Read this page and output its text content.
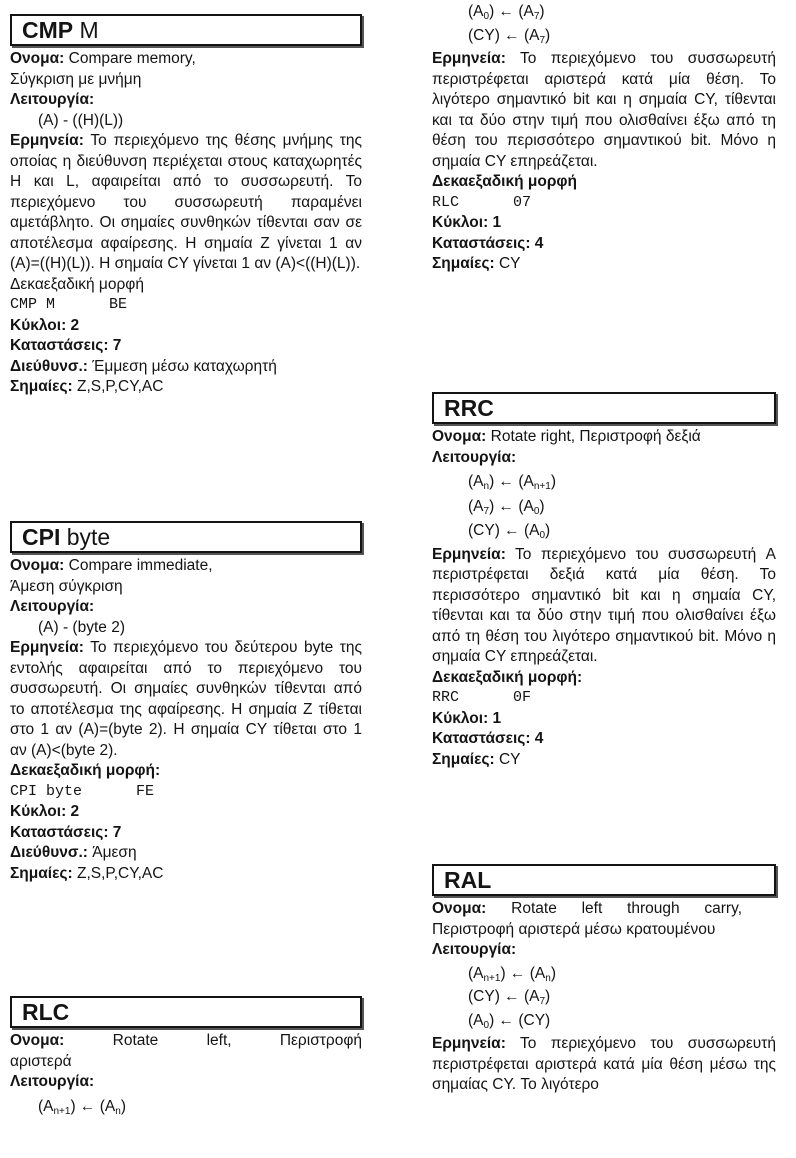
CMP M
Ονομα: Compare memory,
Σύγκριση με μνήμη
Λειτουργία:
(A) - ((H)(L))
Ερμηνεία: Το περιεχόμενο της θέσης μνήμης της οποίας η διεύθυνση περιέχεται στους καταχωρητές H και L, αφαιρείται από το συσσωρευτή. Το περιεχόμενο του συσσωρευτή παραμένει αμετάβλητο. Οι σημαίες συνθηκών τίθενται σαν σε αποτέλεσμα αφαίρεσης. Η σημαία Z γίνεται 1 αν (A)=((H)(L)). Η σημαία CY γίνεται 1 αν (A)<((H)(L)).
Δεκαεξαδική μορφή
CMP M	BE
Κύκλοι: 2
Καταστάσεις: 7
Διεύθυνσ.: Έμμεση μέσω καταχωρητή
Σημαίες: Z,S,P,CY,AC
CPI byte
Ονομα: Compare immediate,
Άμεση σύγκριση
Λειτουργία:
(A) - (byte 2)
Ερμηνεία: Το περιεχόμενο του δεύτερου byte της εντολής αφαιρείται από το περιεχόμενο του συσσωρευτή. Οι σημαίες συνθηκών τίθενται από το αποτέλεσμα της αφαίρεσης. Η σημαία Z τίθεται στο 1 αν (A)=(byte 2). Η σημαία CY τίθεται στο 1 αν (A)<(byte 2).
Δεκαεξαδική μορφή:
CPI byte	FE
Κύκλοι: 2
Καταστάσεις: 7
Διεύθυνσ.: Άμεση
Σημαίες: Z,S,P,CY,AC
RLC
Ονομα:	Rotate left, Περιστροφή
αριστερά
Λειτουργία:
$(A_{n+1})$ ← $(A_n)$
$(A_0)$ ← $(A_7)$
(CY) ← $(A_7)$
Ερμηνεία: Το περιεχόμενο του συσσωρευτή περιστρέφεται αριστερά κατά μία θέση. Το λιγότερο σημαντικό bit και η σημαία CY, τίθενται και τα δύο στην τιμή που ολισθαίνει έξω από τη θέση του περισσότερο σημαντικού bit. Μόνο η σημαία CY επηρεάζεται.
Δεκαεξαδική μορφή
RLC	07
Κύκλοι: 1
Καταστάσεις: 4
Σημαίες: CY
RRC
Ονομα: Rotate right, Περιστροφή δεξιά
Λειτουργία:
$(A_n)$ ← $(A_{n+1})$
$(A_7)$ ← $(A_0)$
(CY) ← $(A_0)$
Ερμηνεία: Το περιεχόμενο του συσσωρευτή A περιστρέφεται δεξιά κατά μία θέση. Το περισσότερο σημαντικό bit και η σημαία CY, τίθενται και τα δύο στην τιμή που ολισθαίνει έξω από τη θέση του λιγότερο σημαντικού bit. Μόνο η σημαία CY επηρεάζεται.
Δεκαεξαδική μορφή:
RRC	0F
Κύκλοι: 1
Καταστάσεις: 4
Σημαίες: CY
RAL
Ονομα: Rotate left through carry, Περιστροφή αριστερά μέσω κρατουμένου
Λειτουργία:
$(A_{n+1})$ ← $(A_n)$
(CY) ← $(A_7)$
$(A_0)$ ← (CY)
Ερμηνεία: Το περιεχόμενο του συσσωρευτή περιστρέφεται αριστερά κατά μία θέση μέσω της σημαίας CY. Το λιγότερο
